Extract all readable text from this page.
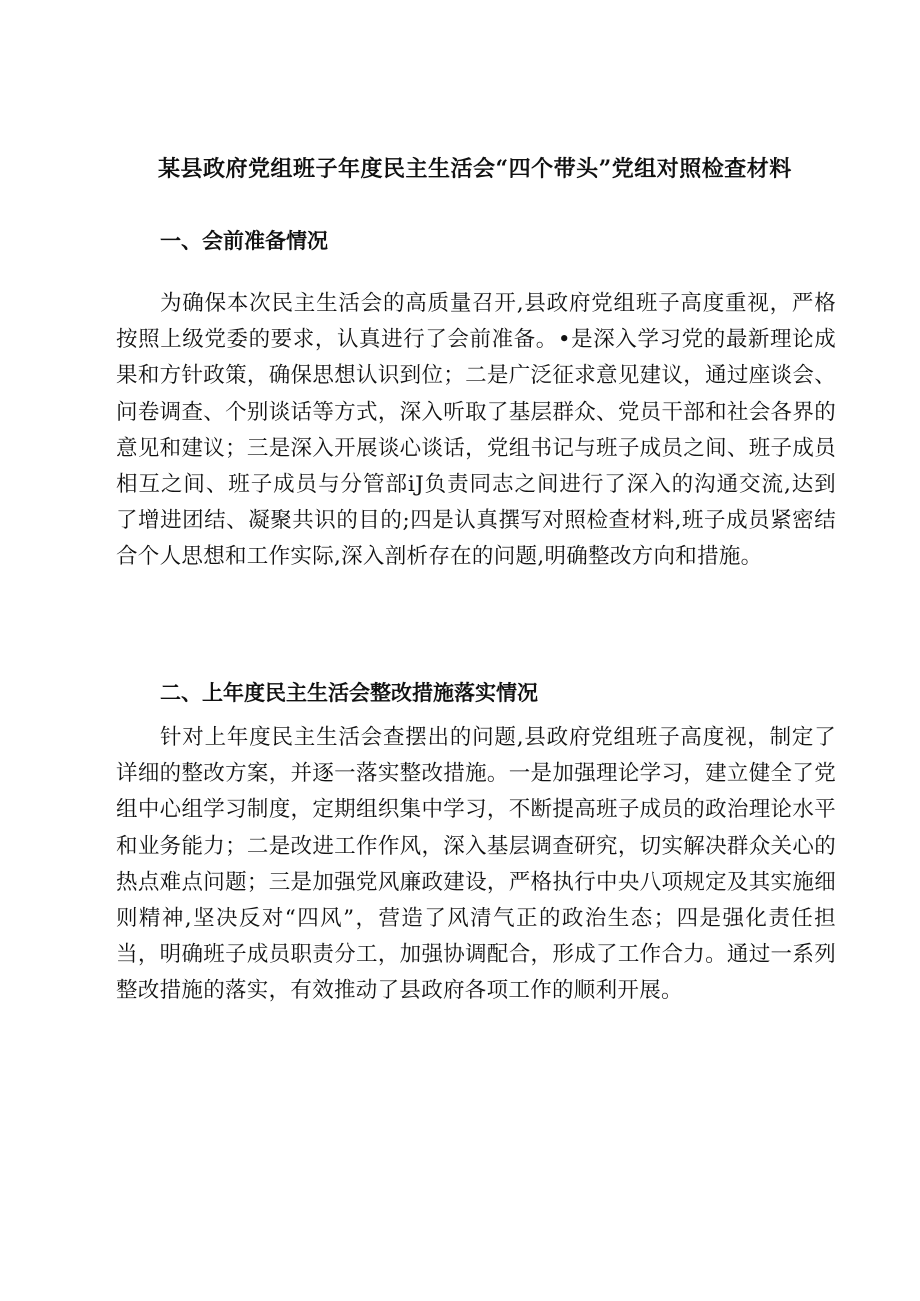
某县政府党组班子年度民主生活会“四个带头”党组对照检查材料
一、会前准备情况

为确保本次民主生活会的高质量召开,县政府党组班子高度重视，严格按照上级党委的要求，认真进行了会前准备。•是深入学习党的最新理论成果和方针政策，确保思想认识到位；二是广泛征求意见建议，通过座谈会、问卷调查、个别谈话等方式，深入听取了基层群众、党员干部和社会各界的意见和建议；三是深入开展谈心谈话，党组书记与班子成员之间、班子成员相互之间、班子成员与分管部iJ负责同志之间进行了深入的沟通交流,达到了增进团结、凝聚共识的目的;四是认真撰写对照检查材料,班子成员紧密结合个人思想和工作实际,深入剖析存在的问题,明确整改方向和措施。

二、上年度民主生活会整改措施落实情况

针对上年度民主生活会查摆出的问题,县政府党组班子高度视，制定了详细的整改方案，并逐一落实整改措施。一是加强理论学习，建立健全了党组中心组学习制度，定期组织集中学习，不断提高班子成员的政治理论水平和业务能力；二是改进工作作风，深入基层调查研究，切实解决群众关心的热点难点问题；三是加强党风廉政建设，严格执行中央八项规定及其实施细则精神,坚决反对“四风”，营造了风清气正的政治生态；四是强化责任担当，明确班子成员职责分工，加强协调配合，形成了工作合力。通过一系列整改措施的落实，有效推动了县政府各项工作的顺利开展。
